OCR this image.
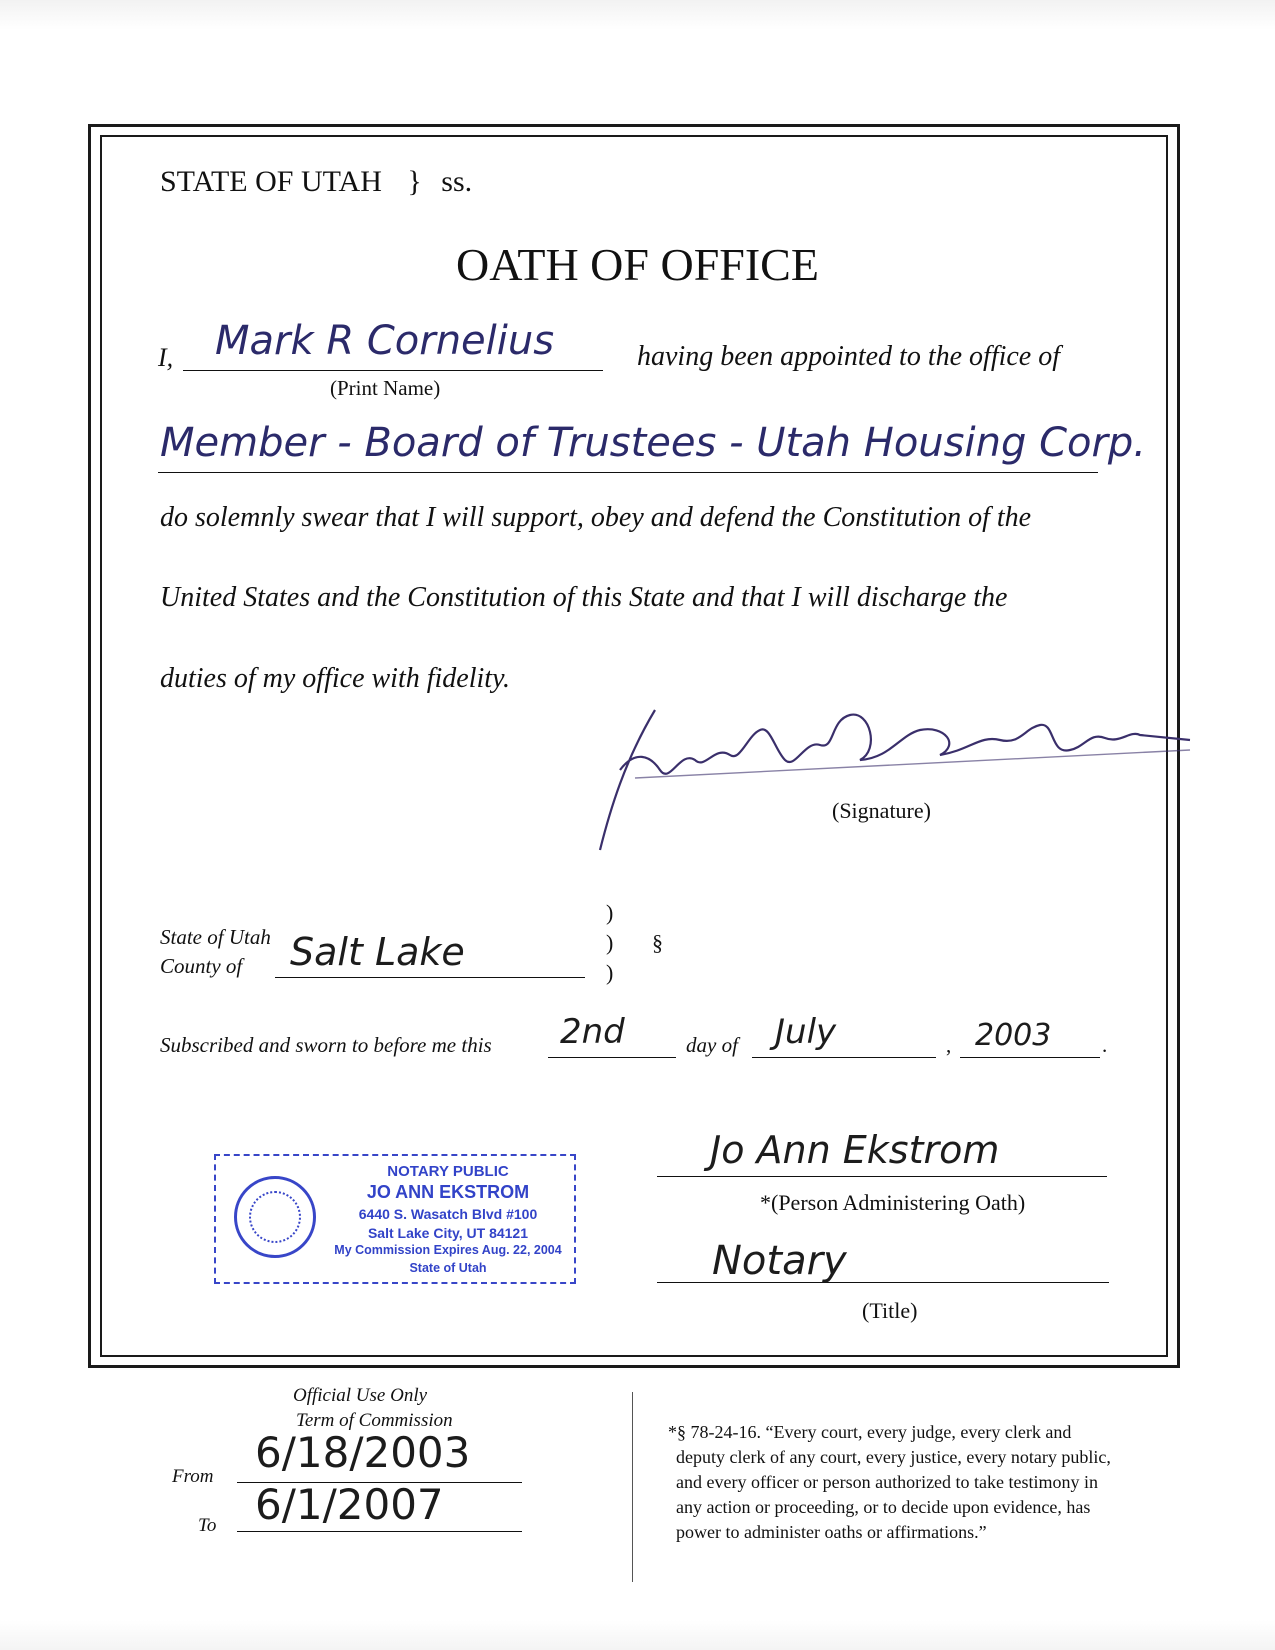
STATE OF UTAH } ss.
OATH OF OFFICE
I, Mark R Cornelius	having been appointed to the office of
(Print Name)
Member - Board of Trustees - Utah Housing Corp.
do solemnly swear that I will support, obey and defend the Constitution of the
United States and the Constitution of this State and that I will discharge the
duties of my office with fidelity.
(Signature)
State of Utah
County of Salt Lake
)
)
)
§
Subscribed and sworn to before me this 2nd	day of July	, 2003 .
NOTARY PUBLIC
JO ANN EKSTROM
6440 S. Wasatch Blvd #100
Salt Lake City, UT 84121
My Commission Expires Aug. 22, 2004
State of Utah
Jo Ann Ekstrom
*(Person Administering Oath)
Notary
(Title)
Official Use Only
Term of Commission
From 6/18/2003
To 6/1/2007
*§ 78-24-16. “Every court, every judge, every clerk and
deputy clerk of any court, every justice, every notary public,
and every officer or person authorized to take testimony in
any action or proceeding, or to decide upon evidence, has
power to administer oaths or affirmations.”
